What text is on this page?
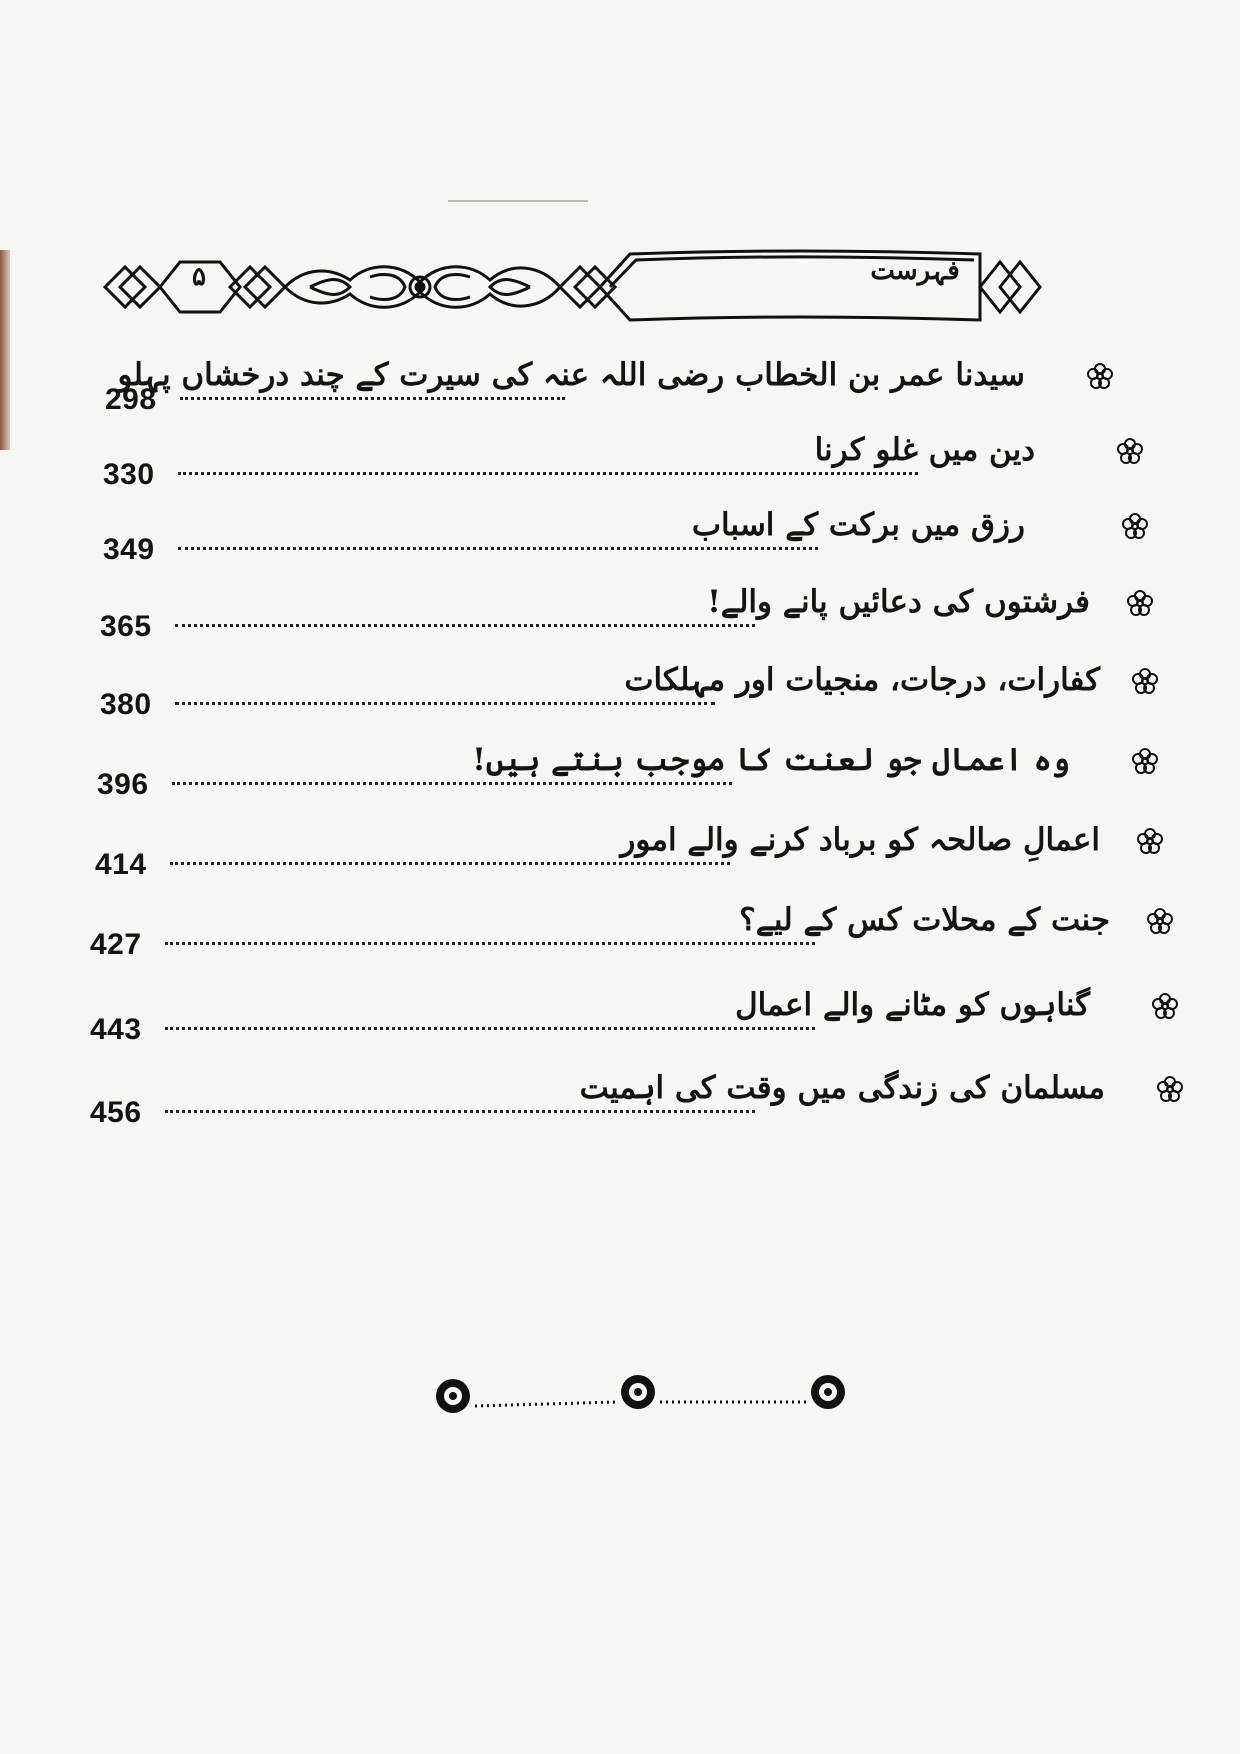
۵	فہرست
سیدنا عمر بن الخطاب رضی اللہ عنہ کی سیرت کے چند درخشاں پہلو
298
دین میں غلو کرنا
330
رزق میں برکت کے اسباب
349
فرشتوں کی دعائیں پانے والے!
365
کفارات، درجات، منجیات اور مہلکات
380
وہ اعمال جو لعنت کا موجب بنتے ہیں!
396
اعمالِ صالحہ کو برباد کرنے والے امور
414
جنت کے محلات کس کے لیے؟
427
گناہوں کو مٹانے والے اعمال
443
مسلمان کی زندگی میں وقت کی اہمیت
456
